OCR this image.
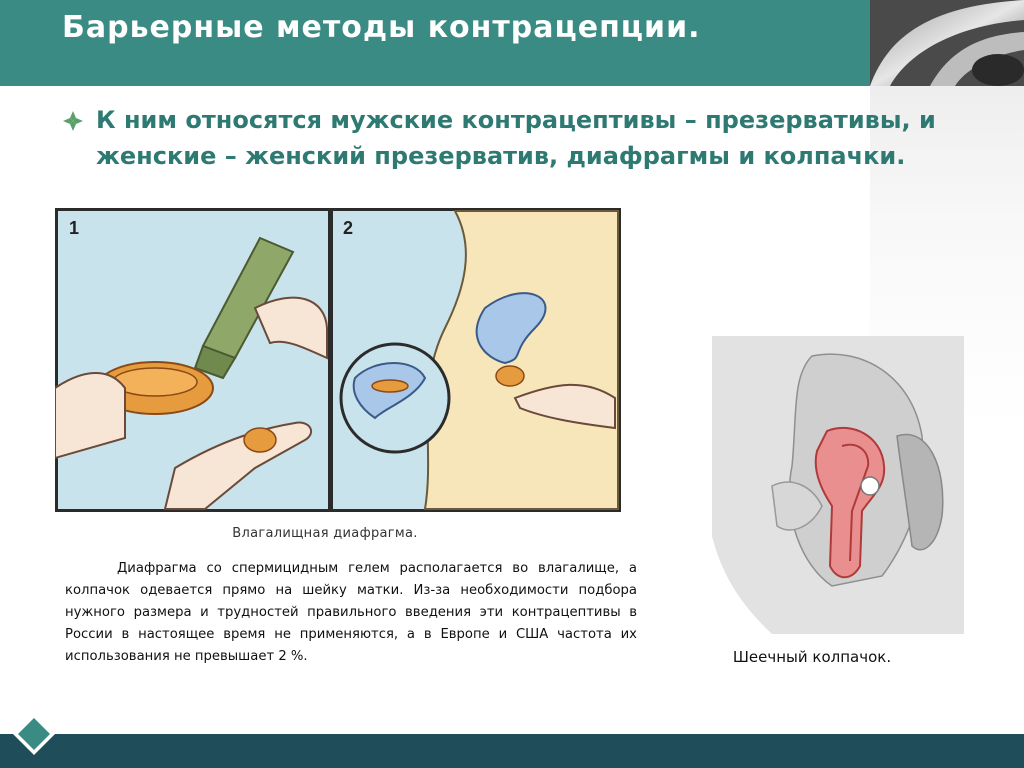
Барьерные методы контрацепции.
К ним относятся мужские контрацептивы – презервативы, и женские – женский презерватив, диафрагмы и колпачки.
1	2
Влагалищная диафрагма.
Диафрагма со спермицидным гелем располагается во влагалище, а колпачок одевается прямо на шейку матки. Из-за необходимости подбора нужного размера и трудностей правильного введения эти контрацептивы в России в настоящее время не применяются, а в Европе и США частота их использования не превышает 2 %.	Шеечный колпачок.
